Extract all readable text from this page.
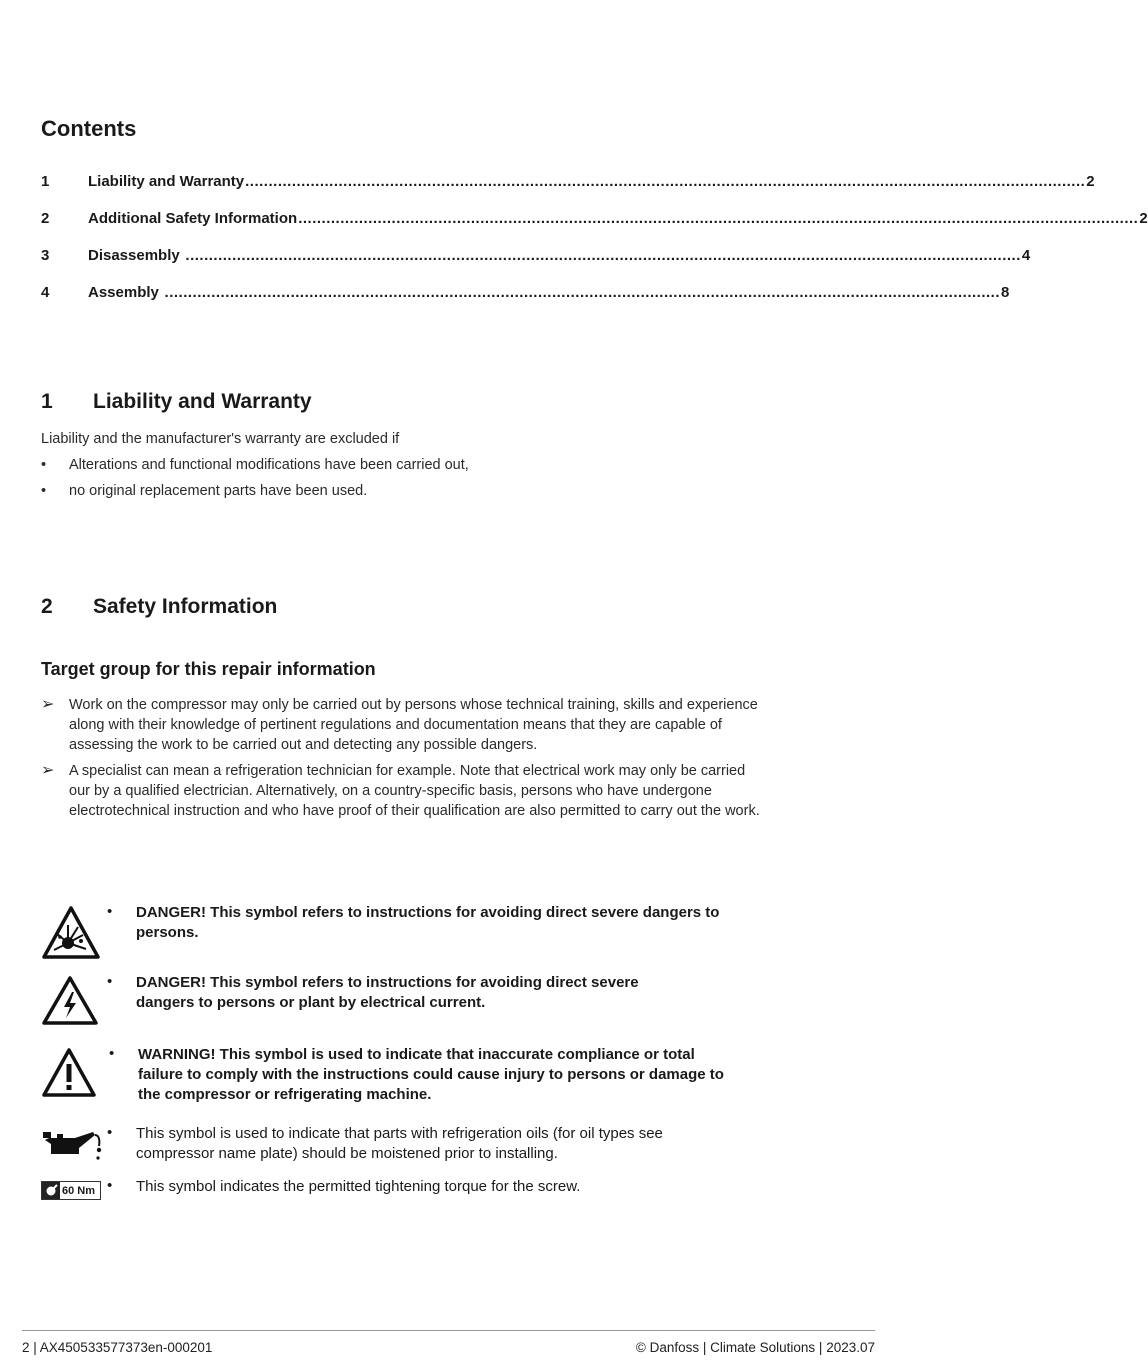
Contents
1	Liability and Warranty .................................................................................................................................................................................... 2
2	Additional Safety Information .................................................................................................................................................................................... 2
3	Disassembly ................................................................................................................................................................................... 4
4	Assembly ................................................................................................................................................................................... 8
1 Liability and Warranty
Liability and the manufacturer's warranty are excluded if
• Alterations and functional modifications have been carried out,
• no original replacement parts have been used.
2 Safety Information
Target group for this repair information
➢ Work on the compressor may only be carried out by persons whose technical training, skills and experience along with their knowledge of pertinent regulations and documentation means that they are capable of assessing the work to be carried out and detecting any possible dangers.
➢ A specialist can mean a refrigeration technician for example. Note that electrical work may only be carried our by a qualified electrician. Alternatively, on a country-specific basis, persons who have undergone electrotechnical instruction and who have proof of their qualification are also permitted to carry out the work.
• DANGER! This symbol refers to instructions for avoiding direct severe dangers to persons.
• DANGER! This symbol refers to instructions for avoiding direct severe dangers to persons or plant by electrical current.
• WARNING! This symbol is used to indicate that inaccurate compliance or total failure to comply with the instructions could cause injury to persons or damage to the compressor or refrigerating machine.
• This symbol is used to indicate that parts with refrigeration oils (for oil types see compressor name plate) should be moistened prior to installing.
60 Nm • This symbol indicates the permitted tightening torque for the screw.
2 | AX450533577373en-000201	© Danfoss | Climate Solutions | 2023.07
